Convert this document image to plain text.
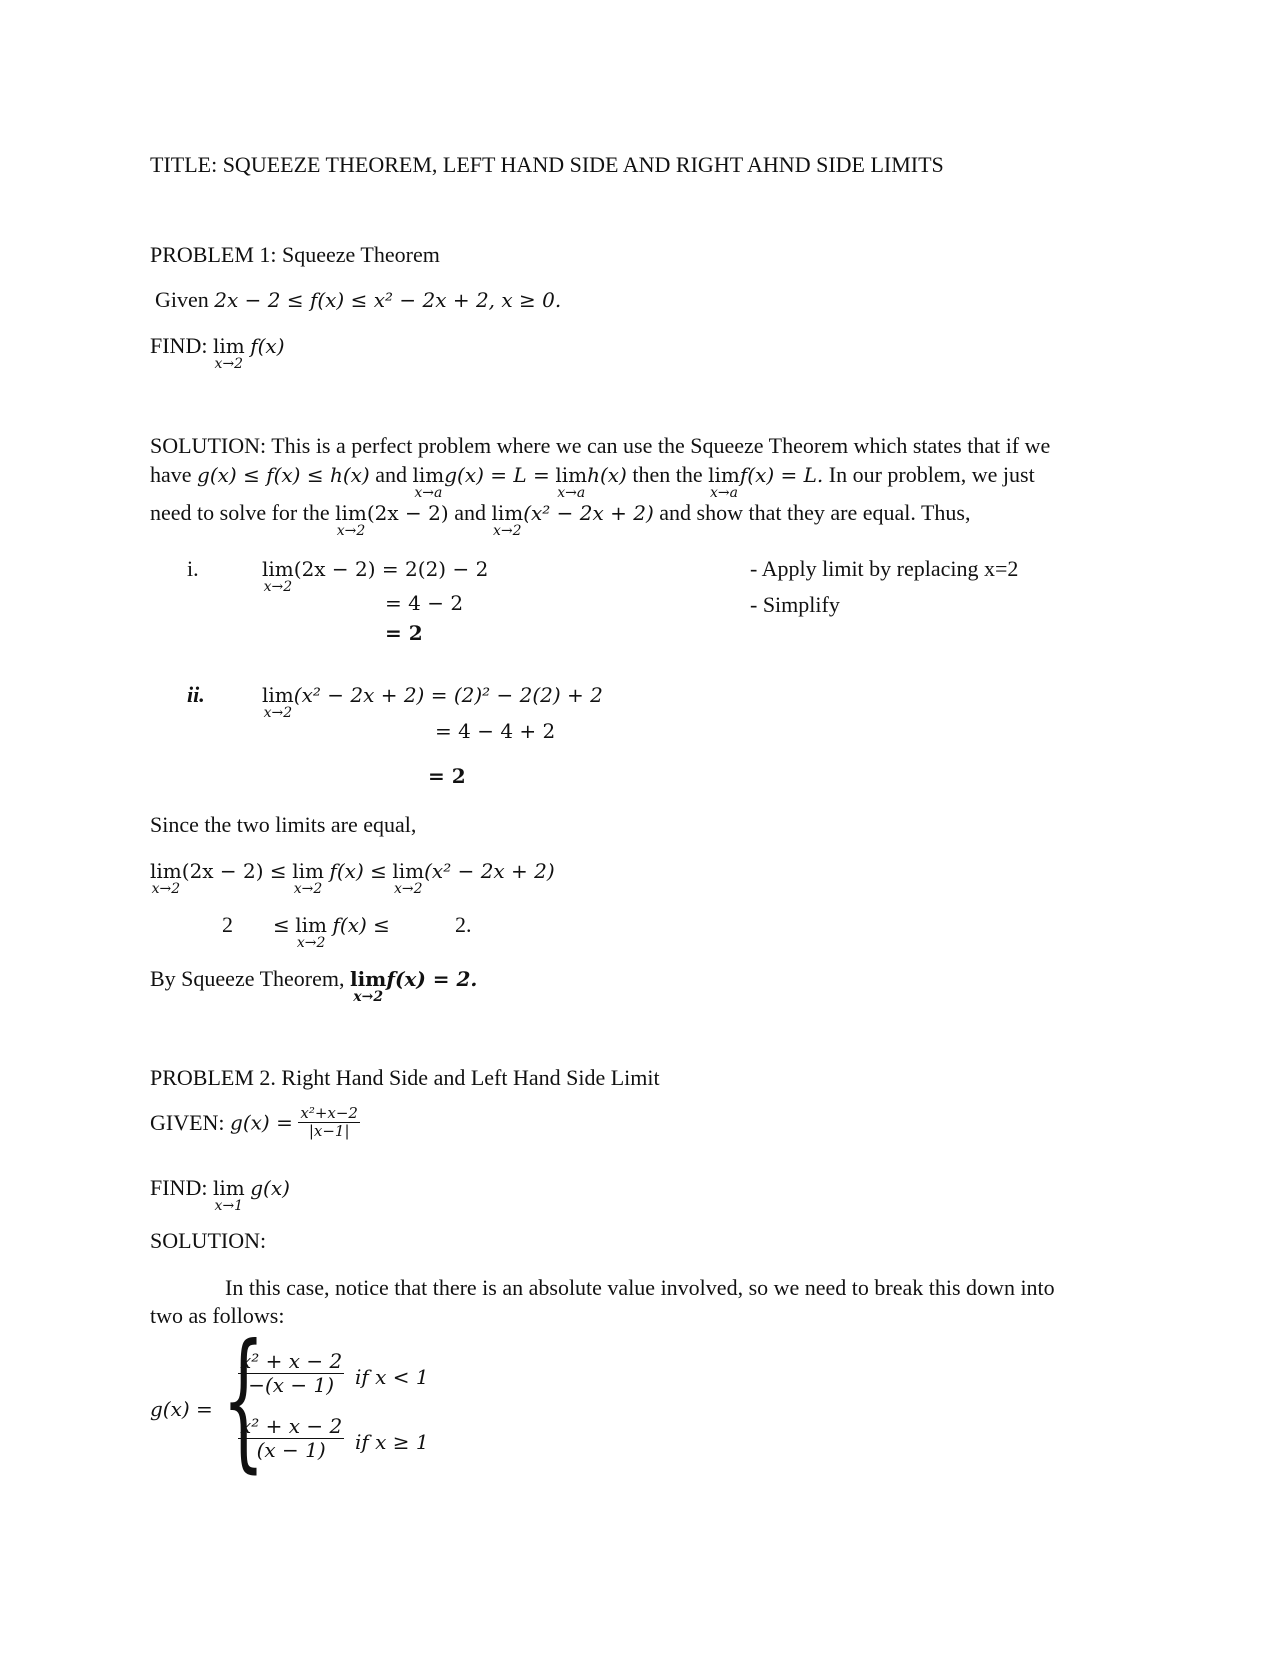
TITLE: SQUEEZE THEOREM, LEFT HAND SIDE AND RIGHT AHND SIDE LIMITS
PROBLEM 1: Squeeze Theorem
Given 2x − 2 ≤ f(x) ≤ x² − 2x + 2, x ≥ 0.
FIND: lim
x→2
f(x)
SOLUTION: This is a perfect problem where we can use the Squeeze Theorem which states that if we
have g(x) ≤ f(x) ≤ h(x) and lim
x→a
g(x) = L = lim
x→a
h(x) then the lim
x→a
f(x) = L. In our problem, we just
need to solve for the lim
x→2
(2x − 2) and lim
x→2
(x² − 2x + 2) and show that they are equal. Thus,
i.	lim
x→2
(2x − 2) = 2(2) − 2
= 4 − 2
= 2
- Apply limit by replacing x=2
- Simplify
ii.	lim
x→2
(x² − 2x + 2) = (2)² − 2(2) + 2
= 4 − 4 + 2
= 2
Since the two limits are equal,
lim
x→2
(2x − 2) ≤ lim
x→2
f(x) ≤ lim
x→2
(x² − 2x + 2)
2 ≤ lim
x→2
f(x) ≤	2.
By Squeeze Theorem, lim
x→2
f(x) = 2.
PROBLEM 2. Right Hand Side and Left Hand Side Limit
GIVEN: $g(x) = \frac{\text{x²+x−2}}{|x-1|}$
FIND: lim
x→1
g(x)
SOLUTION:
In this case, notice that there is an absolute value involved, so we need to break this down into
two as follows:
g(x) = {
$\frac{\text{x² + x − 2}}{-(x - 1)}$ if x < 1
$\frac{\text{x² + x − 2}}{(x - 1)}$ if x ≥ 1
